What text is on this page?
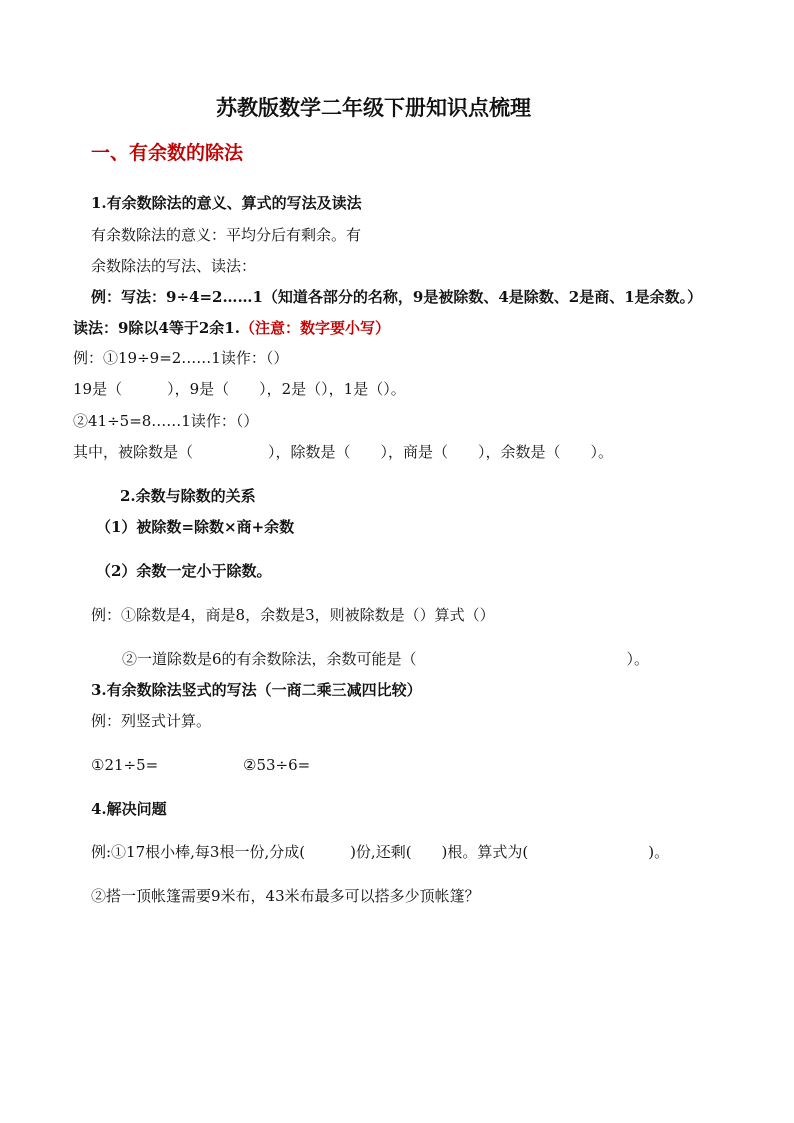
苏教版数学二年级下册知识点梳理
一、有余数的除法
1.有余数除法的意义、算式的写法及读法
有余数除法的意义：平均分后有剩余。有
余数除法的写法、读法：
例：写法：9÷4=2……1（知道各部分的名称，9是被除数、4是除数、2是商、1是余数。）
读法：9除以4等于2余1.（注意：数字要小写）
例：①19÷9=2……1读作：（）
19是（　　　），9是（　　），2是（），1是（）。
②41÷5=8……1读作：（）
其中，被除数是（　　　　　），除数是（　　），商是（　　），余数是（　　）。
2.余数与除数的关系
（1）被除数=除数×商+余数
（2）余数一定小于除数。
例：①除数是4，商是8，余数是3，则被除数是（）算式（）
②一道除数是6的有余数除法，余数可能是（　　　　　　　　　　　　　　）。
3.有余数除法竖式的写法（一商二乘三减四比较）
例：列竖式计算。
①21÷5=	②53÷6=
4.解决问题
例:①17根小棒,每3根一份,分成(　　　)份,还剩(　　)根。算式为(　　　　　　　　)。
②搭一顶帐篷需要9米布，43米布最多可以搭多少顶帐篷？
